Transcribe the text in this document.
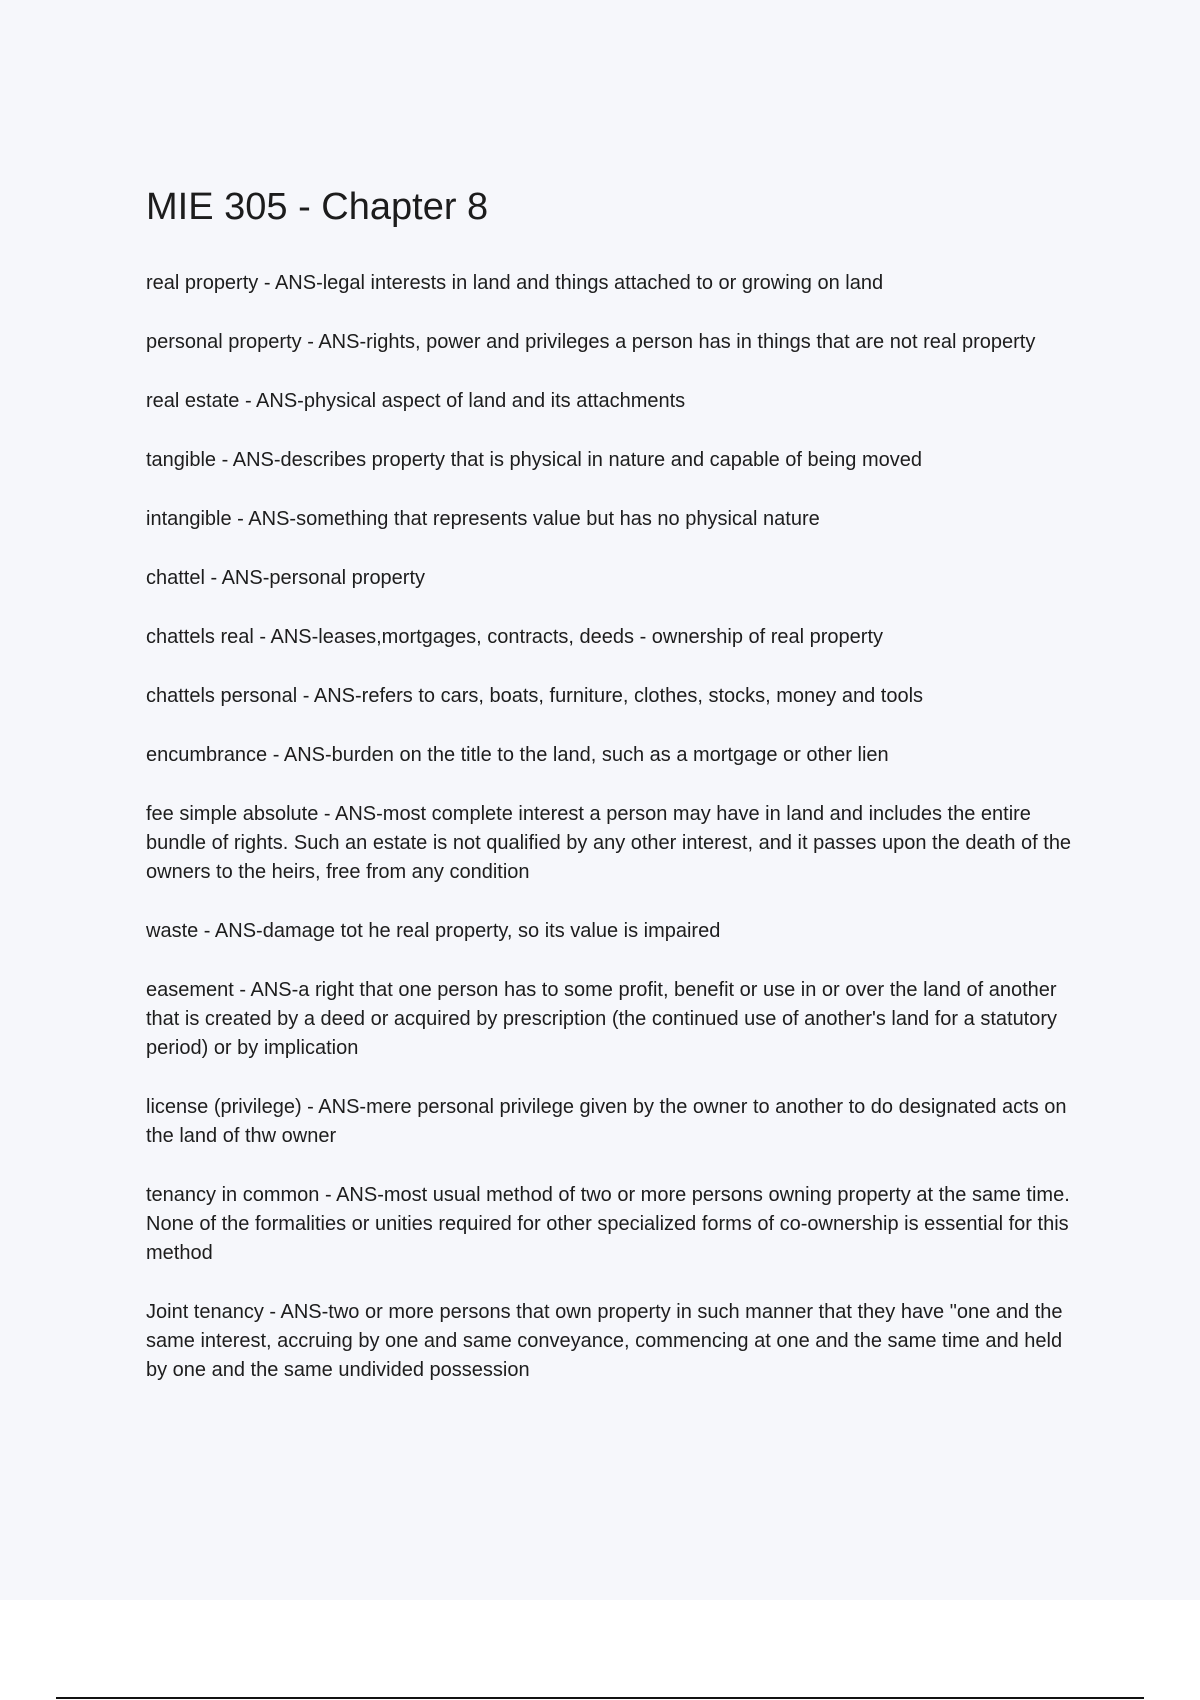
MIE 305 - Chapter 8
real property - ANS-legal interests in land and things attached to or growing on land
personal property - ANS-rights, power and privileges a person has in things that are not real property
real estate - ANS-physical aspect of land and its attachments
tangible - ANS-describes property that is physical in nature and capable of being moved
intangible - ANS-something that represents value but has no physical nature
chattel - ANS-personal property
chattels real - ANS-leases,mortgages, contracts, deeds - ownership of real property
chattels personal - ANS-refers to cars, boats, furniture, clothes, stocks, money and tools
encumbrance - ANS-burden on the title to the land, such as a mortgage or other lien
fee simple absolute - ANS-most complete interest a person may have in land and includes the entire bundle of rights. Such an estate is not qualified by any other interest, and it passes upon the death of the owners to the heirs, free from any condition
waste - ANS-damage tot he real property, so its value is impaired
easement - ANS-a right that one person has to some profit, benefit or use in or over the land of another that is created by a deed or acquired by prescription (the continued use of another's land for a statutory period) or by implication
license (privilege) - ANS-mere personal privilege given by the owner to another to do designated acts on the land of thw owner
tenancy in common - ANS-most usual method of two or more persons owning property at the same time. None of the formalities or unities required for other specialized forms of co-ownership is essential for this method
Joint tenancy - ANS-two or more persons that own property in such manner that they have "one and the same interest, accruing by one and same conveyance, commencing at one and the same time and held by one and the same undivided possession
